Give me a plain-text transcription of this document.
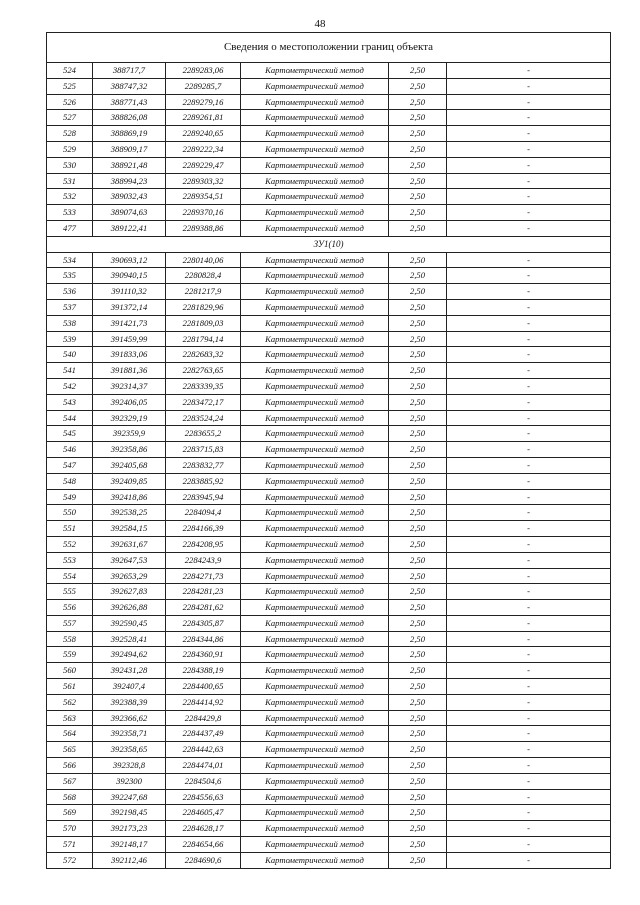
48
Сведения о местоположении границ объекта					
524	388717,7	2289283,06	Картометрический метод	2,50	-
525	388747,32	2289285,7	Картометрический метод	2,50	-
526	388771,43	2289279,16	Картометрический метод	2,50	-
527	388826,08	2289261,81	Картометрический метод	2,50	-
528	388869,19	2289240,65	Картометрический метод	2,50	-
529	388909,17	2289222,34	Картометрический метод	2,50	-
530	388921,48	2289229,47	Картометрический метод	2,50	-
531	388994,23	2289303,32	Картометрический метод	2,50	-
532	389032,43	2289354,51	Картометрический метод	2,50	-
533	389074,63	2289370,16	Картометрический метод	2,50	-
477	389122,41	2289388,86	Картометрический метод	2,50	-
ЗУ1(10)					
534	390693,12	2280140,06	Картометрический метод	2,50	-
535	390940,15	2280828,4	Картометрический метод	2,50	-
536	391110,32	2281217,9	Картометрический метод	2,50	-
537	391372,14	2281829,96	Картометрический метод	2,50	-
538	391421,73	2281809,03	Картометрический метод	2,50	-
539	391459,99	2281794,14	Картометрический метод	2,50	-
540	391833,06	2282683,32	Картометрический метод	2,50	-
541	391881,36	2282763,65	Картометрический метод	2,50	-
542	392314,37	2283339,35	Картометрический метод	2,50	-
543	392406,05	2283472,17	Картометрический метод	2,50	-
544	392329,19	2283524,24	Картометрический метод	2,50	-
545	392359,9	2283655,2	Картометрический метод	2,50	-
546	392358,86	2283715,83	Картометрический метод	2,50	-
547	392405,68	2283832,77	Картометрический метод	2,50	-
548	392409,85	2283885,92	Картометрический метод	2,50	-
549	392418,86	2283945,94	Картометрический метод	2,50	-
550	392538,25	2284094,4	Картометрический метод	2,50	-
551	392584,15	2284166,39	Картометрический метод	2,50	-
552	392631,67	2284208,95	Картометрический метод	2,50	-
553	392647,53	2284243,9	Картометрический метод	2,50	-
554	392653,29	2284271,73	Картометрический метод	2,50	-
555	392627,83	2284281,23	Картометрический метод	2,50	-
556	392626,88	2284281,62	Картометрический метод	2,50	-
557	392590,45	2284305,87	Картометрический метод	2,50	-
558	392528,41	2284344,86	Картометрический метод	2,50	-
559	392494,62	2284360,91	Картометрический метод	2,50	-
560	392431,28	2284388,19	Картометрический метод	2,50	-
561	392407,4	2284400,65	Картометрический метод	2,50	-
562	392388,39	2284414,92	Картометрический метод	2,50	-
563	392366,62	2284429,8	Картометрический метод	2,50	-
564	392358,71	2284437,49	Картометрический метод	2,50	-
565	392358,65	2284442,63	Картометрический метод	2,50	-
566	392328,8	2284474,01	Картометрический метод	2,50	-
567	392300	2284504,6	Картометрический метод	2,50	-
568	392247,68	2284556,63	Картометрический метод	2,50	-
569	392198,45	2284605,47	Картометрический метод	2,50	-
570	392173,23	2284628,17	Картометрический метод	2,50	-
571	392148,17	2284654,66	Картометрический метод	2,50	-
572	392112,46	2284690,6	Картометрический метод	2,50	-
